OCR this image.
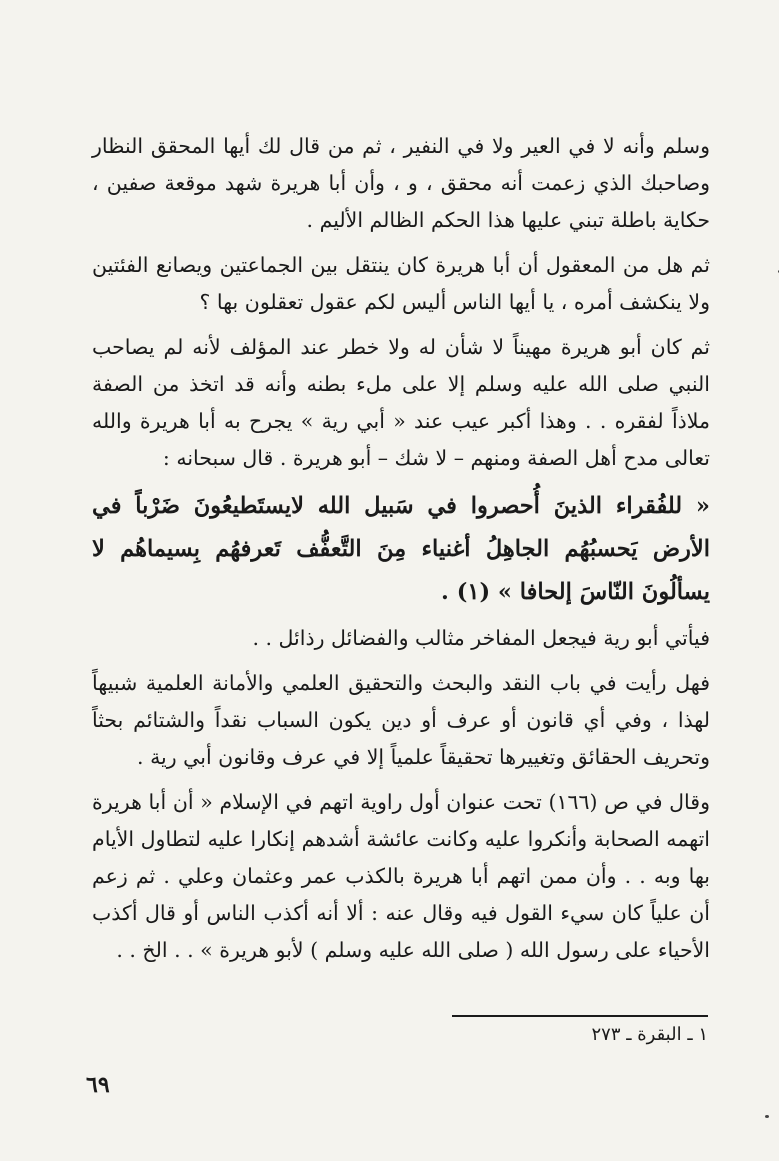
وسلم وأنه لا في العير ولا في النفير ، ثم من قال لك أيها المحقق النظار وصاحبك الذي زعمت أنه محقق ، و ، وأن أبا هريرة شهد موقعة صفين ، حكاية باطلة تبني عليها هذا الحكم الظالم الأليم .

ثم هل من المعقول أن أبا هريرة كان ينتقل بين الجماعتين ويصانع الفئتين ولا ينكشف أمره ، يا أيها الناس أليس لكم عقول تعقلون بها ؟

ثم كان أبو هريرة مهيناً لا شأن له ولا خطر عند المؤلف لأنه لم يصاحب النبي صلى الله عليه وسلم إلا على ملء بطنه وأنه قد اتخذ من الصفة ملاذاً لفقره . . وهذا أكبر عيب عند « أبي رية » يجرح به أبا هريرة والله تعالى مدح أهل الصفة ومنهم – لا شك – أبو هريرة . قال سبحانه :

« للفُقراء الذينَ أُحصروا في سَبيل الله لايستَطيعُونَ ضَرْباً في الأرض يَحسبُهُم الجاهِلُ أغنياء مِنَ التَّعفُّف تَعرفهُم بِسيماهُم لا يسألُونَ النّاسَ إلحافا » (١) .

فيأتي أبو رية فيجعل المفاخر مثالب والفضائل رذائل . .

فهل رأيت في باب النقد والبحث والتحقيق العلمي والأمانة العلمية شبيهاً لهذا ، وفي أي قانون أو عرف أو دين يكون السباب نقداً والشتائم بحثاً وتحريف الحقائق وتغييرها تحقيقاً علمياً إلا في عرف وقانون أبي رية .

وقال في ص (١٦٦) تحت عنوان أول راوية اتهم في الإسلام « أن أبا هريرة اتهمه الصحابة وأنكروا عليه وكانت عائشة أشدهم إنكارا عليه لتطاول الأيام بها وبه . . وأن ممن اتهم أبا هريرة بالكذب عمر وعثمان وعلي . ثم زعم أن علياً كان سيء القول فيه وقال عنه : ألا أنه أكذب الناس أو قال أكذب الأحياء على رسول الله ( صلى الله عليه وسلم ) لأبو هريرة » . . الخ . .

١ ـ البقرة ـ ٢٧٣
٦٩
